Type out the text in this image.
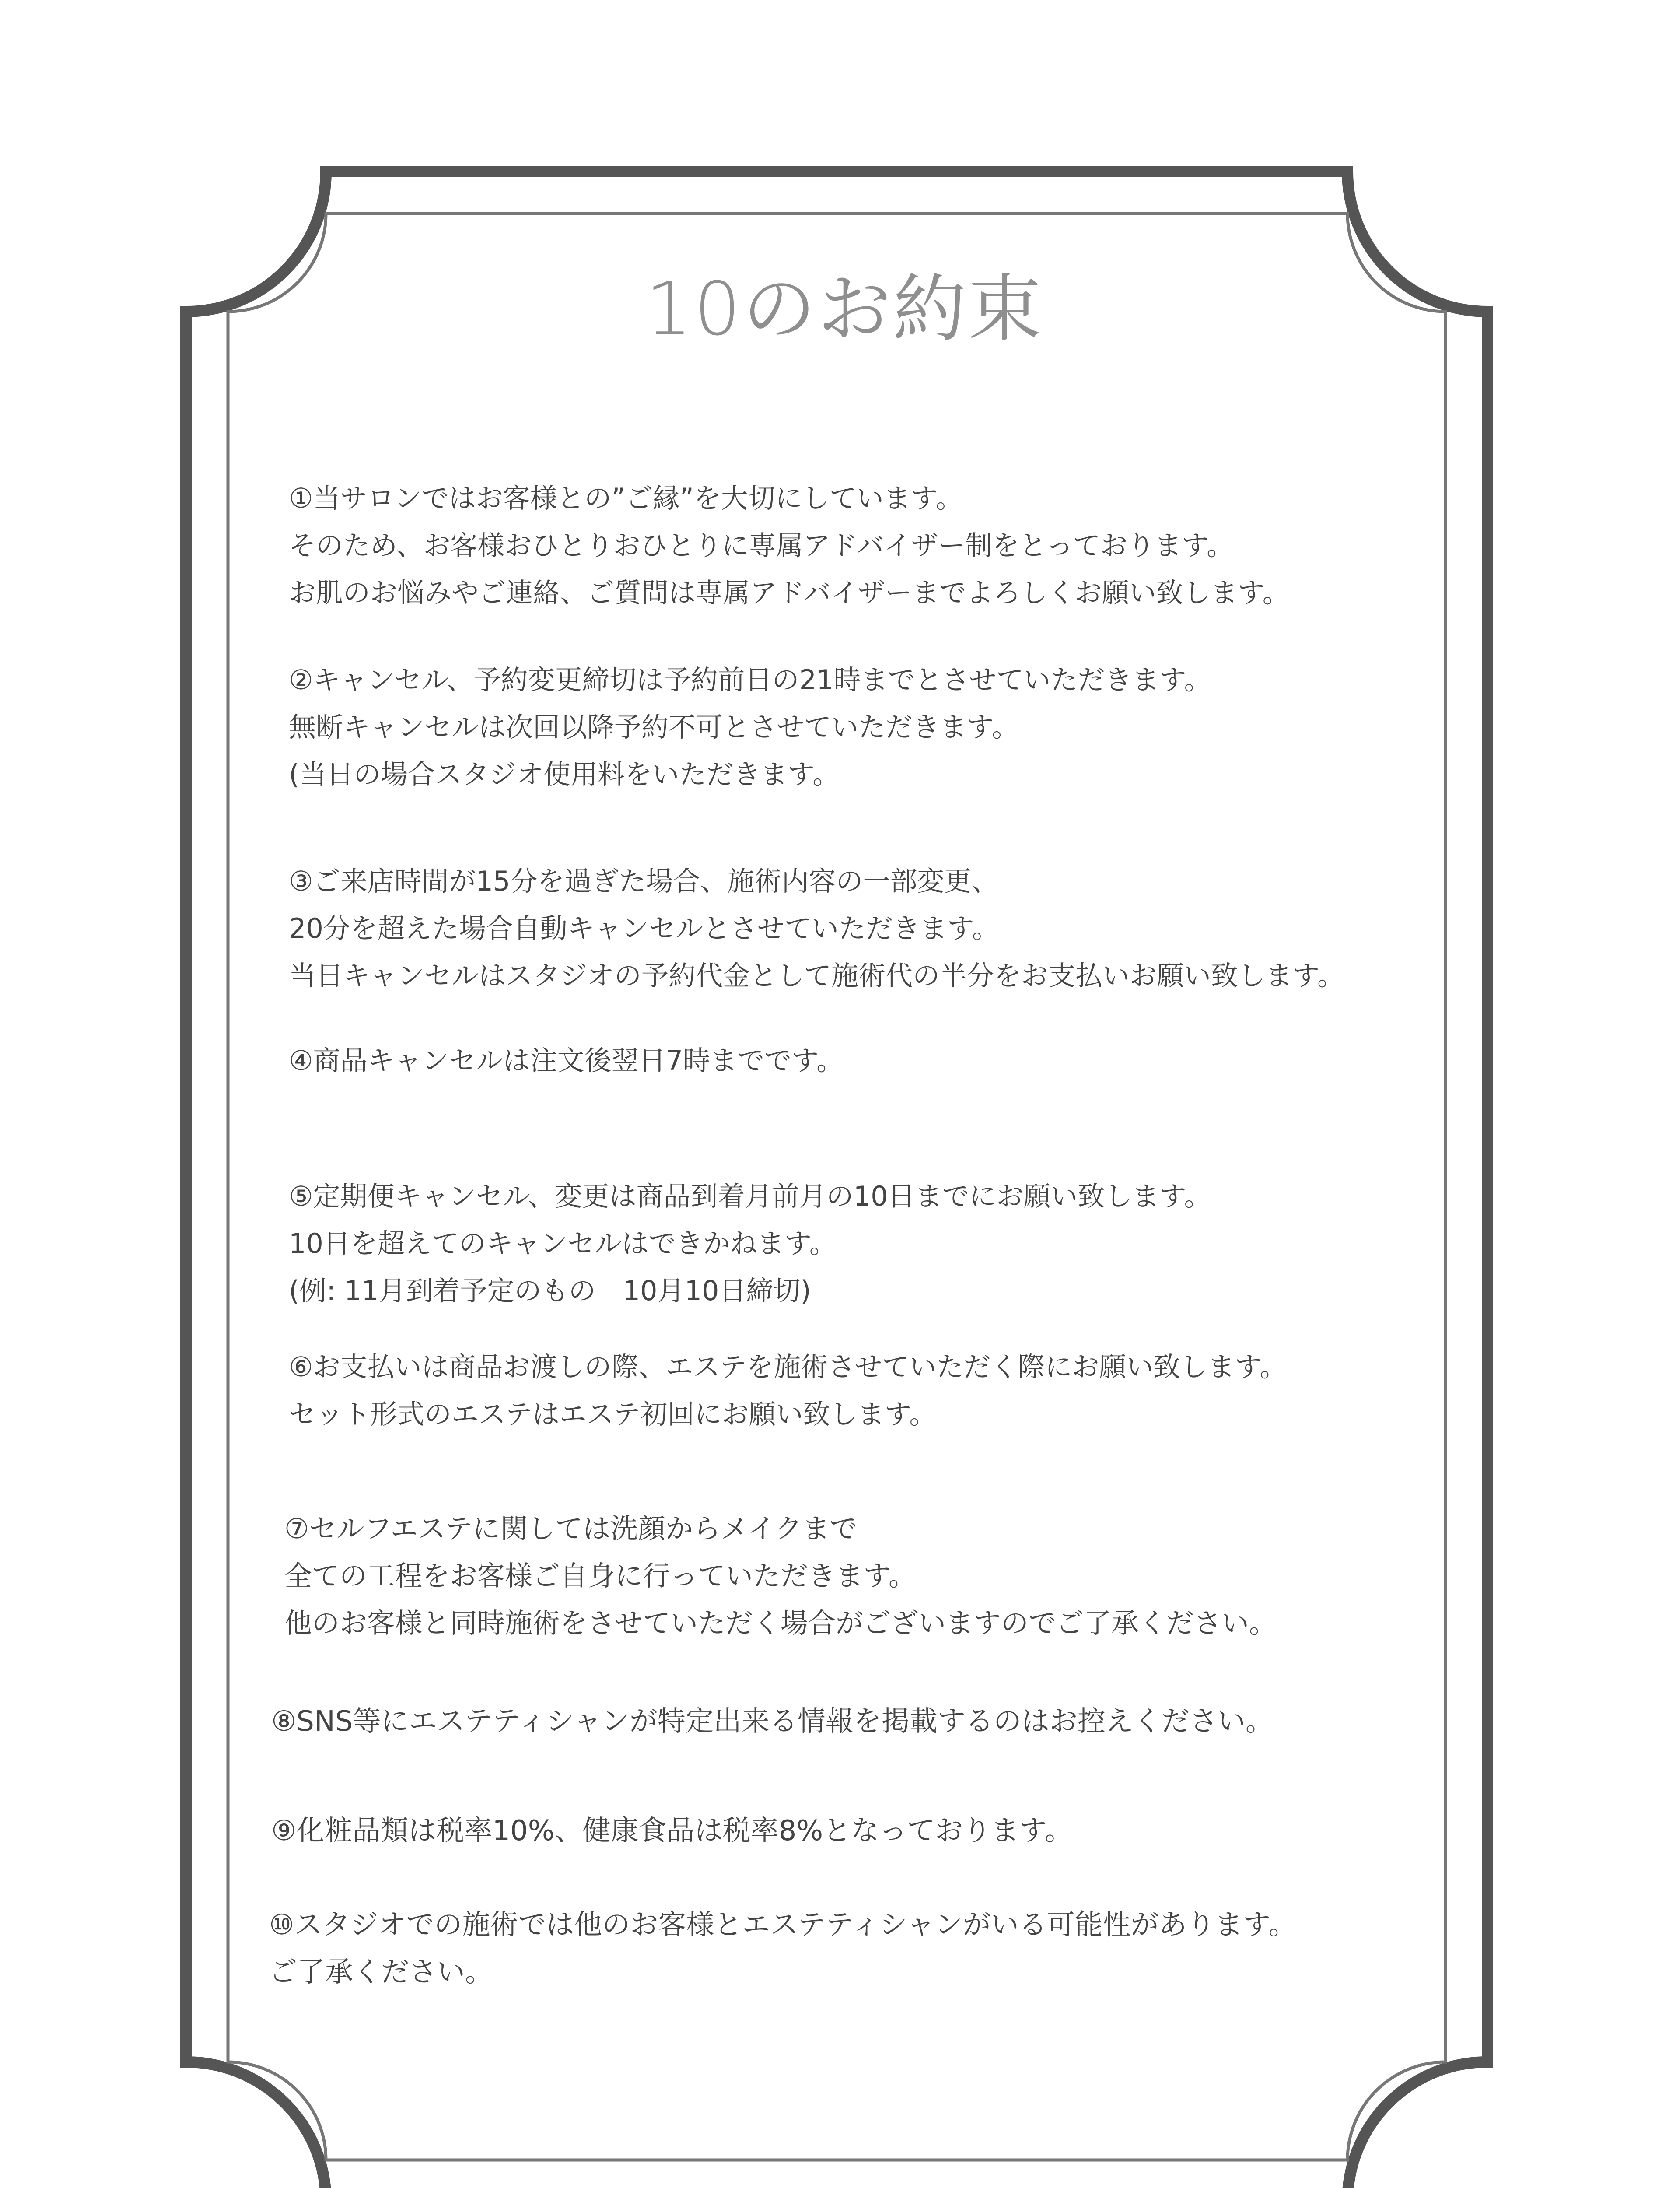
10のお約束
①当サロンではお客様との”ご縁”を大切にしています。
そのため、お客様おひとりおひとりに専属アドバイザー制をとっております。
お肌のお悩みやご連絡、ご質問は専属アドバイザーまでよろしくお願い致します。
②キャンセル、予約変更締切は予約前日の21時までとさせていただきます。
無断キャンセルは次回以降予約不可とさせていただきます。
(当日の場合スタジオ使用料をいただきます。
③ご来店時間が15分を過ぎた場合、施術内容の一部変更、
20分を超えた場合自動キャンセルとさせていただきます。
当日キャンセルはスタジオの予約代金として施術代の半分をお支払いお願い致します。
④商品キャンセルは注文後翌日7時までです。
⑤定期便キャンセル、変更は商品到着月前月の10日までにお願い致します。
10日を超えてのキャンセルはできかねます。
(例: 11月到着予定のもの　10月10日締切)
⑥お支払いは商品お渡しの際、エステを施術させていただく際にお願い致します。
セット形式のエステはエステ初回にお願い致します。
⑦セルフエステに関しては洗顔からメイクまで
全ての工程をお客様ご自身に行っていただきます。
他のお客様と同時施術をさせていただく場合がございますのでご了承ください。
⑧SNS等にエステティシャンが特定出来る情報を掲載するのはお控えください。
⑨化粧品類は税率10%、健康食品は税率8%となっております。
⑩スタジオでの施術では他のお客様とエステティシャンがいる可能性があります。
ご了承ください。
